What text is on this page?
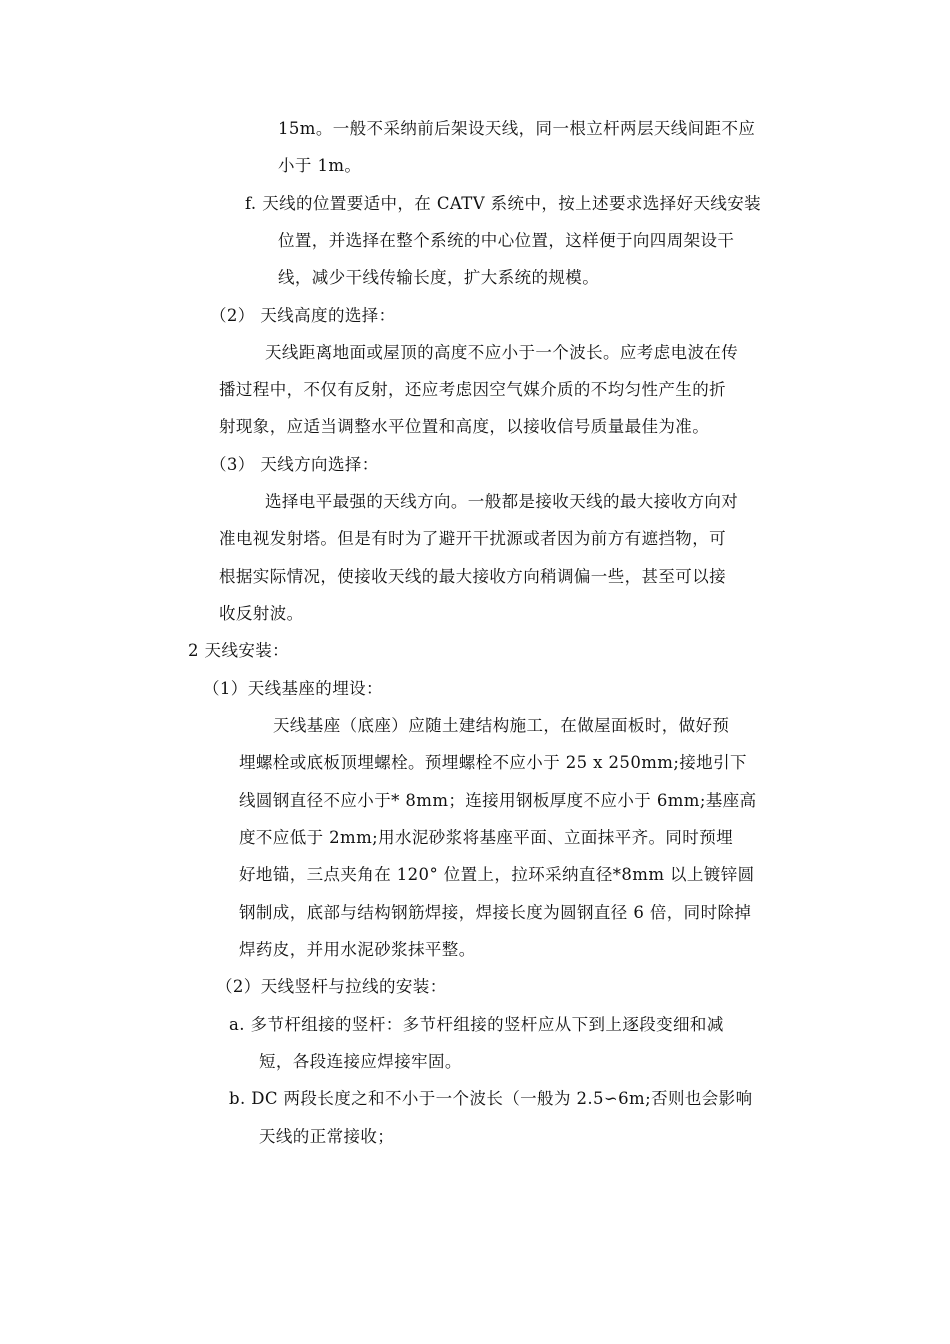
15m。一般不采纳前后架设天线，同一根立杆两层天线间距不应
小于 1m。
f. 天线的位置要适中，在 CATV 系统中，按上述要求选择好天线安装
位置，并选择在整个系统的中心位置，这样便于向四周架设干
线，减少干线传输长度，扩大系统的规模。
（2） 天线高度的选择：
天线距离地面或屋顶的高度不应小于一个波长。应考虑电波在传
播过程中，不仅有反射，还应考虑因空气媒介质的不均匀性产生的折
射现象，应适当调整水平位置和高度，以接收信号质量最佳为准。
（3） 天线方向选择：
选择电平最强的天线方向。一般都是接收天线的最大接收方向对
准电视发射塔。但是有时为了避开干扰源或者因为前方有遮挡物，可
根据实际情况，使接收天线的最大接收方向稍调偏一些，甚至可以接
收反射波。
2 天线安装：
（1）天线基座的埋设：
天线基座（底座）应随土建结构施工，在做屋面板时，做好预
埋螺栓或底板顶埋螺栓。预埋螺栓不应小于 25 x 250mm;接地引下
线圆钢直径不应小于* 8mm；连接用钢板厚度不应小于 6mm;基座高
度不应低于 2mm;用水泥砂浆将基座平面、立面抹平齐。同时预埋
好地锚，三点夹角在 120° 位置上，拉环采纳直径*8mm 以上镀锌圆
钢制成，底部与结构钢筋焊接，焊接长度为圆钢直径 6 倍，同时除掉
焊药皮，并用水泥砂浆抹平整。
（2）天线竖杆与拉线的安装：
a. 多节杆组接的竖杆：多节杆组接的竖杆应从下到上逐段变细和减
短，各段连接应焊接牢固。
b. DC 两段长度之和不小于一个波长（一般为 2.5∽6m;否则也会影响
天线的正常接收；
